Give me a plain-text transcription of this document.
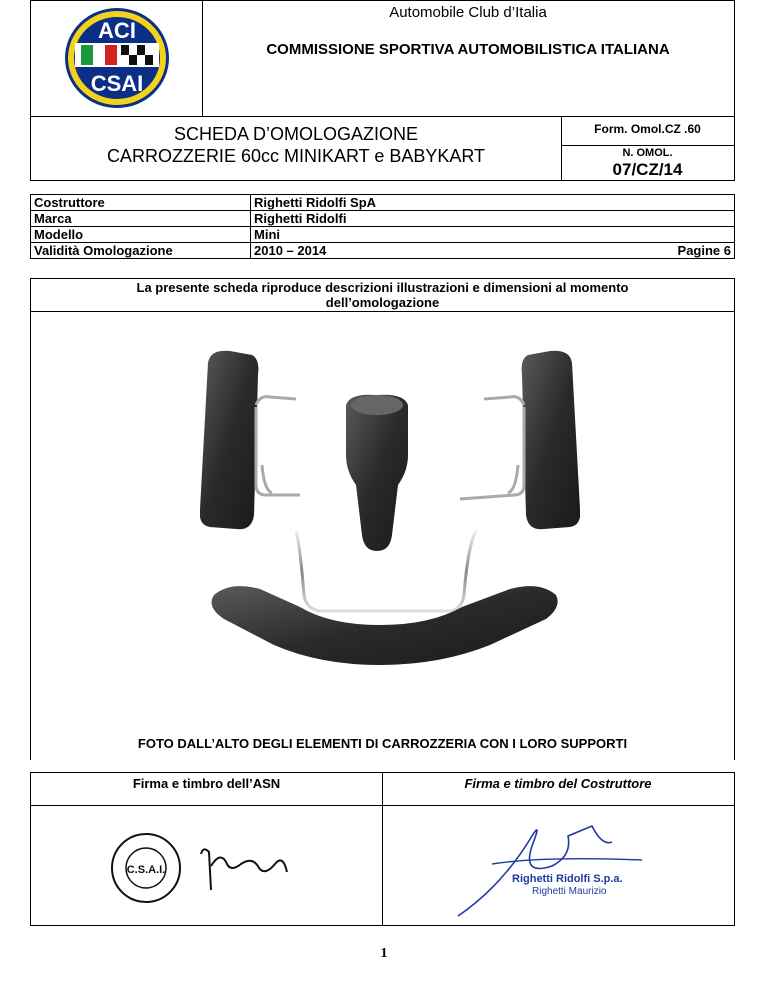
ACI
CSAI
Automobile Club d’Italia
COMMISSIONE SPORTIVA AUTOMOBILISTICA ITALIANA
SCHEDA D’OMOLOGAZIONE
CARROZZERIE 60cc MINIKART e BABYKART
Form. Omol.CZ .60
N. OMOL.
07/CZ/14
Costruttore	Righetti Ridolfi SpA
Marca	Righetti Ridolfi
Modello	Mini
Validità Omologazione	2010 – 2014 Pagine 6
La presente scheda riproduce descrizioni illustrazioni e dimensioni al momento
dell’omologazione
FOTO DALL’ALTO DEGLI ELEMENTI DI CARROZZERIA CON I LORO SUPPORTI
Firma e timbro dell’ASN	Firma e timbro del Costruttore
C.S.A.I.
Righetti Ridolfi S.p.a.
Righetti Maurizio
1
